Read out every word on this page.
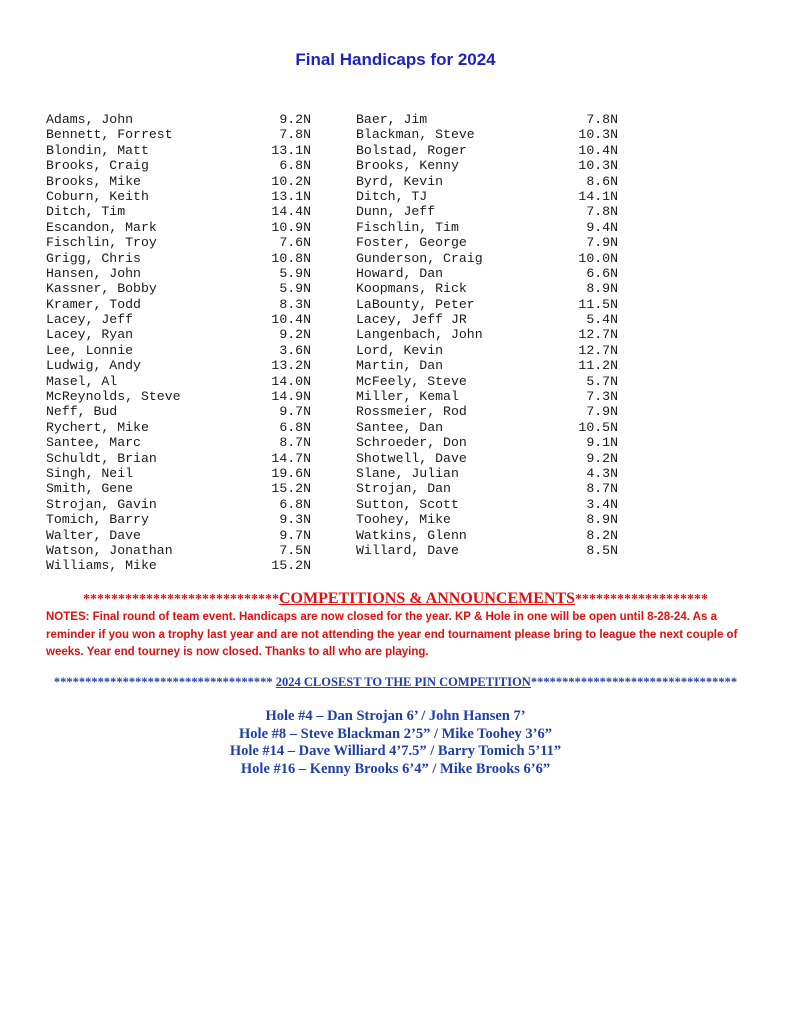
Final Handicaps for 2024
Adams, John	9.2N
Bennett, Forrest	7.8N
Blondin, Matt	13.1N
Brooks, Craig	6.8N
Brooks, Mike	10.2N
Coburn, Keith	13.1N
Ditch, Tim	14.4N
Escandon, Mark	10.9N
Fischlin, Troy	7.6N
Grigg, Chris	10.8N
Hansen, John	5.9N
Kassner, Bobby	5.9N
Kramer, Todd	8.3N
Lacey, Jeff	10.4N
Lacey, Ryan	9.2N
Lee, Lonnie	3.6N
Ludwig, Andy	13.2N
Masel, Al	14.0N
McReynolds, Steve	14.9N
Neff, Bud	9.7N
Rychert, Mike	6.8N
Santee, Marc	8.7N
Schuldt, Brian	14.7N
Singh, Neil	19.6N
Smith, Gene	15.2N
Strojan, Gavin	6.8N
Tomich, Barry	9.3N
Walter, Dave	9.7N
Watson, Jonathan	7.5N
Williams, Mike	15.2N
Baer, Jim	7.8N
Blackman, Steve	10.3N
Bolstad, Roger	10.4N
Brooks, Kenny	10.3N
Byrd, Kevin	8.6N
Ditch, TJ	14.1N
Dunn, Jeff	7.8N
Fischlin, Tim	9.4N
Foster, George	7.9N
Gunderson, Craig	10.0N
Howard, Dan	6.6N
Koopmans, Rick	8.9N
LaBounty, Peter	11.5N
Lacey, Jeff JR	5.4N
Langenbach, John	12.7N
Lord, Kevin	12.7N
Martin, Dan	11.2N
McFeely, Steve	5.7N
Miller, Kemal	7.3N
Rossmeier, Rod	7.9N
Santee, Dan	10.5N
Schroeder, Don	9.1N
Shotwell, Dave	9.2N
Slane, Julian	4.3N
Strojan, Dan	8.7N
Sutton, Scott	3.4N
Toohey, Mike	8.9N
Watkins, Glenn	8.2N
Willard, Dave	8.5N
****************************COMPETITIONS & ANNOUNCEMENTS*******************
NOTES: Final round of team event. Handicaps are now closed for the year. KP & Hole in one will be open until 8-28-24. As a reminder if you won a trophy last year and are not attending the year end tournament please bring to league the next couple of weeks. Year end tourney is now closed. Thanks to all who are playing.
*********************************** 2024 CLOSEST TO THE PIN COMPETITION*********************************
Hole #4 – Dan Strojan 6’ / John Hansen 7’
Hole #8 – Steve Blackman 2’5” / Mike Toohey 3’6”
Hole #14 – Dave Williard 4’7.5” / Barry Tomich 5’11”
Hole #16 – Kenny Brooks 6’4” / Mike Brooks 6’6”
